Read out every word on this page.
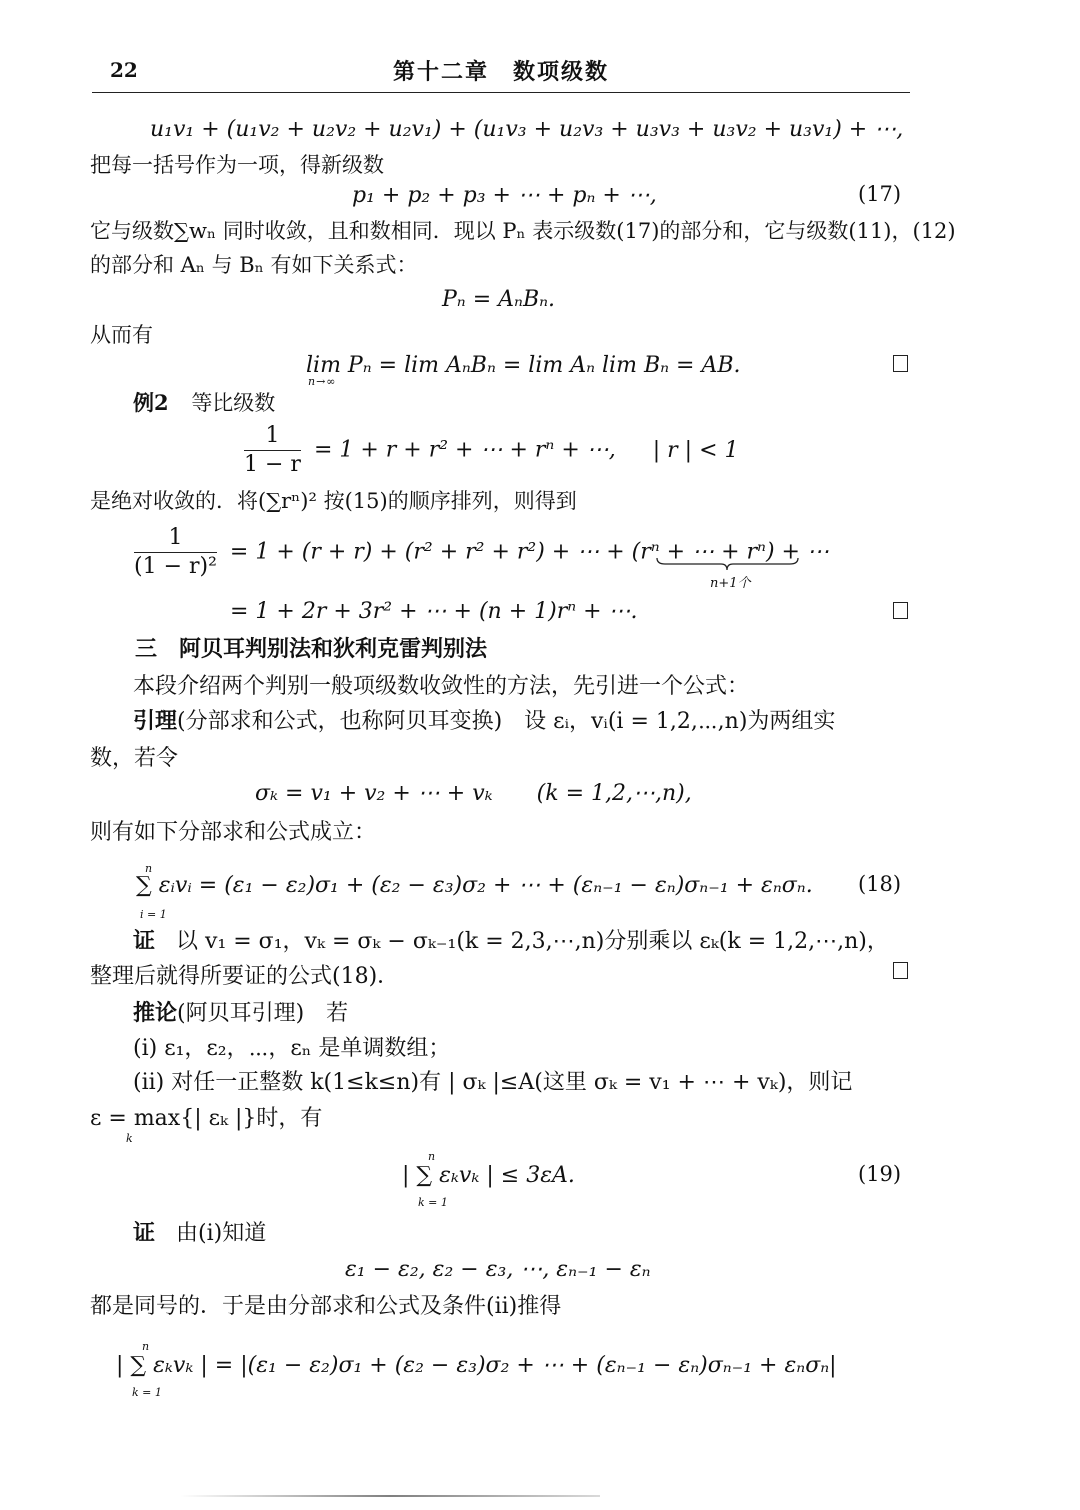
22	第十二章　数项级数
u₁v₁ + (u₁v₂ + u₂v₂ + u₂v₁) + (u₁v₃ + u₂v₃ + u₃v₃ + u₃v₂ + u₃v₁) + ⋯,
把每一括号作为一项，得新级数
p₁ + p₂ + p₃ + ⋯ + pₙ + ⋯,	(17)
它与级数∑wₙ 同时收敛，且和数相同．现以 Pₙ 表示级数(17)的部分和，它与级数(11)，(12)
的部分和 Aₙ 与 Bₙ 有如下关系式：
Pₙ = AₙBₙ.
从而有
lim Pₙ = lim AₙBₙ = lim Aₙ lim Bₙ = AB.
n→∞
例2 等比级数
$\frac{1}{1 - r} = 1 + r + r^2$ + ⋯ + rⁿ + ⋯, | r | < 1
是绝对收敛的．将(∑rⁿ)² 按(15)的顺序排列，则得到
$\frac{1}{\text{(1 − r)²}} = 1 + (r + r) + (r^2 + r^2 + r^2)$ + ⋯ + (rⁿ + ⋯ + rⁿ) + ⋯
n+1个
= 1 + 2r + 3r² + ⋯ + (n + 1)rⁿ + ⋯.
三　阿贝耳判别法和狄利克雷判别法
本段介绍两个判别一般项级数收敛性的方法，先引进一个公式：
引理(分部求和公式，也称阿贝耳变换)　设 εᵢ，vᵢ(i = 1,2,⋯,n)为两组实
数，若令
σₖ = v₁ + v₂ + ⋯ + vₖ　　(k = 1,2,⋯,n),
则有如下分部求和公式成立：
n
i = 1
∑ εᵢvᵢ = (ε₁ − ε₂)σ₁ + (ε₂ − ε₃)σ₂ + ⋯ + (εₙ₋₁ − εₙ)σₙ₋₁ + εₙσₙ. (18)
证 以 v₁ = σ₁，vₖ = σₖ − σₖ₋₁(k = 2,3,⋯,n)分别乘以 εₖ(k = 1,2,⋯,n)，
整理后就得所要证的公式(18)．
推论(阿贝耳引理)　若
(i) ε₁，ε₂，⋯，εₙ 是单调数组；
(ii) 对任一正整数 k(1≤k≤n)有 | σₖ |≤A(这里 σₖ = v₁ + ⋯ + vₖ)，则记
ε = max{| εₖ |}时，有
k
n
k = 1
| ∑ εₖvₖ | ≤ 3εA.	(19)
证 由(i)知道
ε₁ − ε₂, ε₂ − ε₃, ⋯, εₙ₋₁ − εₙ
都是同号的．于是由分部求和公式及条件(ii)推得
n
k = 1
| ∑ εₖvₖ | = |(ε₁ − ε₂)σ₁ + (ε₂ − ε₃)σ₂ + ⋯ + (εₙ₋₁ − εₙ)σₙ₋₁ + εₙσₙ|
